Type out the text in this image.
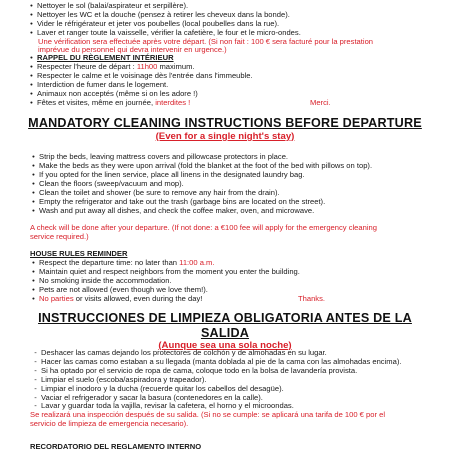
• Nettoyer le sol (balai/aspirateur et serpillère).
• Nettoyer les WC et la douche (pensez à retirer les cheveux dans la bonde).
• Vider le réfrigérateur et jeter vos poubelles (local poubelles dans la rue).
• Laver et ranger toute la vaisselle, vérifier la cafetière, le four et le micro-ondes.
Une vérification sera effectuée après votre départ. (Si non fait : 100 € sera facturé pour la prestation
imprévue du personnel qui devra intervenir en urgence.)
• RAPPEL DU RÈGLEMENT INTÉRIEUR
• Respecter l'heure de départ : 11h00 maximum.
• Respecter le calme et le voisinage dès l'entrée dans l'immeuble.
• Interdiction de fumer dans le logement.
• Animaux non acceptés (même si on les adore !)
• Fêtes et visites, même en journée, interdites !	Merci.
MANDATORY CLEANING INSTRUCTIONS BEFORE DEPARTURE
(Even for a single night's stay)
• Strip the beds, leaving mattress covers and pillowcase protectors in place.
• Make the beds as they were upon arrival (fold the blanket at the foot of the bed with pillows on top).
• If you opted for the linen service, place all linens in the designated laundry bag.
• Clean the floors (sweep/vacuum and mop).
• Clean the toilet and shower (be sure to remove any hair from the drain).
• Empty the refrigerator and take out the trash (garbage bins are located on the street).
• Wash and put away all dishes, and check the coffee maker, oven, and microwave.
A check will be done after your departure. (If not done: a €100 fee will apply for the emergency cleaning
service required.)
HOUSE RULES REMINDER
• Respect the departure time: no later than 11:00 a.m.
• Maintain quiet and respect neighbors from the moment you enter the building.
• No smoking inside the accommodation.
• Pets are not allowed (even though we love them!).
• No parties or visits allowed, even during the day!	Thanks.
INSTRUCCIONES DE LIMPIEZA OBLIGATORIA ANTES DE LA
SALIDA
(Aunque sea una sola noche)
- Deshacer las camas dejando los protectores de colchón y de almohadas en su lugar.
- Hacer las camas como estaban a su llegada (manta doblada al pie de la cama con las almohadas encima).
- Si ha optado por el servicio de ropa de cama, coloque todo en la bolsa de lavandería provista.
- Limpiar el suelo (escoba/aspiradora y trapeador).
- Limpiar el inodoro y la ducha (recuerde quitar los cabellos del desagüe).
- Vaciar el refrigerador y sacar la basura (contenedores en la calle).
- Lavar y guardar toda la vajilla, revisar la cafetera, el horno y el microondas.
Se realizará una inspección después de su salida. (Si no se cumple: se aplicará una tarifa de 100 € por el
servicio de limpieza de emergencia necesario).
RECORDATORIO DEL REGLAMENTO INTERNO
